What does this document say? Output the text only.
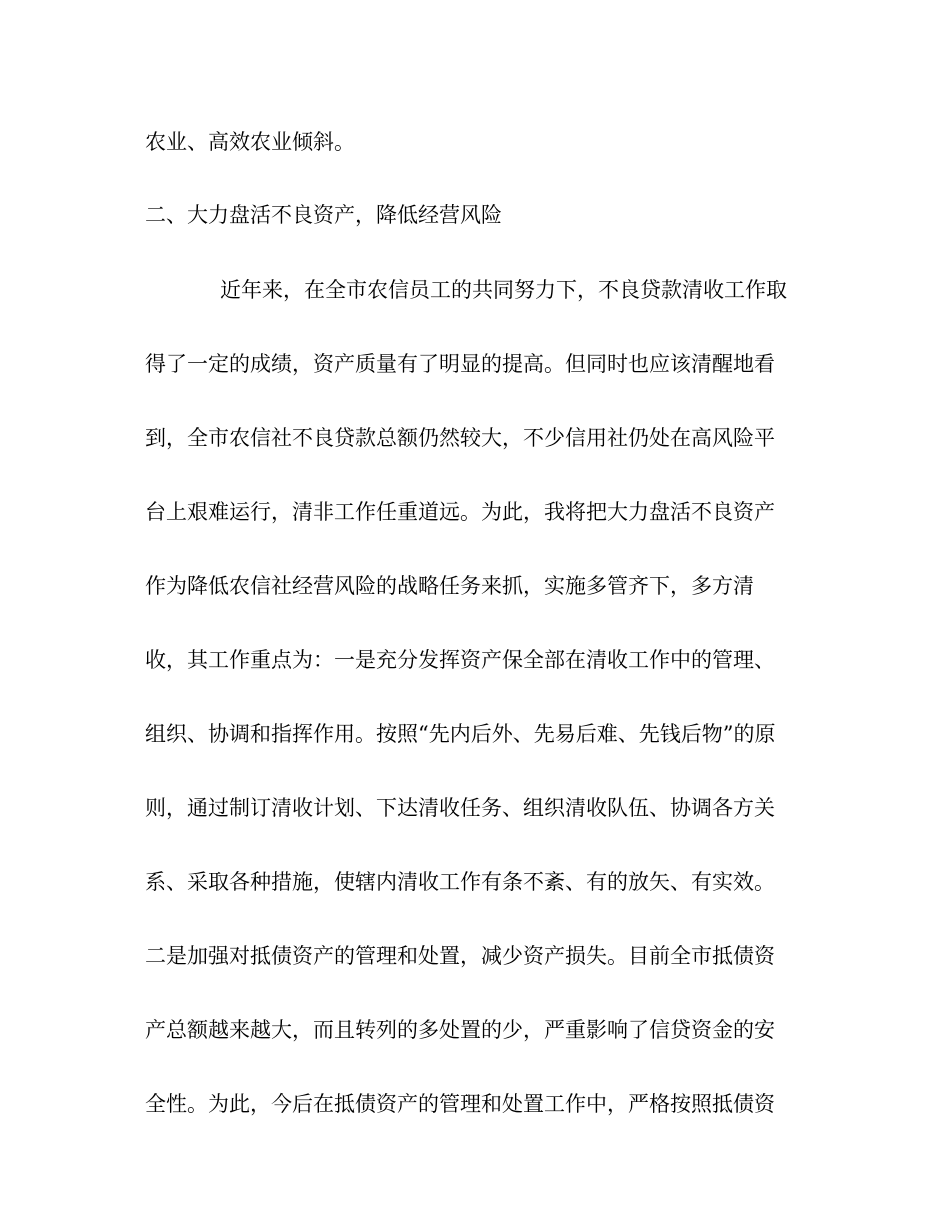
农业、高效农业倾斜。
二、大力盘活不良资产，降低经营风险
近年来，在全市农信员工的共同努力下，不良贷款清收工作取
得了一定的成绩，资产质量有了明显的提高。但同时也应该清醒地看
到，全市农信社不良贷款总额仍然较大，不少信用社仍处在高风险平
台上艰难运行，清非工作任重道远。为此，我将把大力盘活不良资产
作为降低农信社经营风险的战略任务来抓，实施多管齐下，多方清
收，其工作重点为：一是充分发挥资产保全部在清收工作中的管理、
组织、协调和指挥作用。按照“先内后外、先易后难、先钱后物”的原
则，通过制订清收计划、下达清收任务、组织清收队伍、协调各方关
系、采取各种措施，使辖内清收工作有条不紊、有的放矢、有实效。
二是加强对抵债资产的管理和处置，减少资产损失。目前全市抵债资
产总额越来越大，而且转列的多处置的少，严重影响了信贷资金的安
全性。为此，今后在抵债资产的管理和处置工作中，严格按照抵债资
